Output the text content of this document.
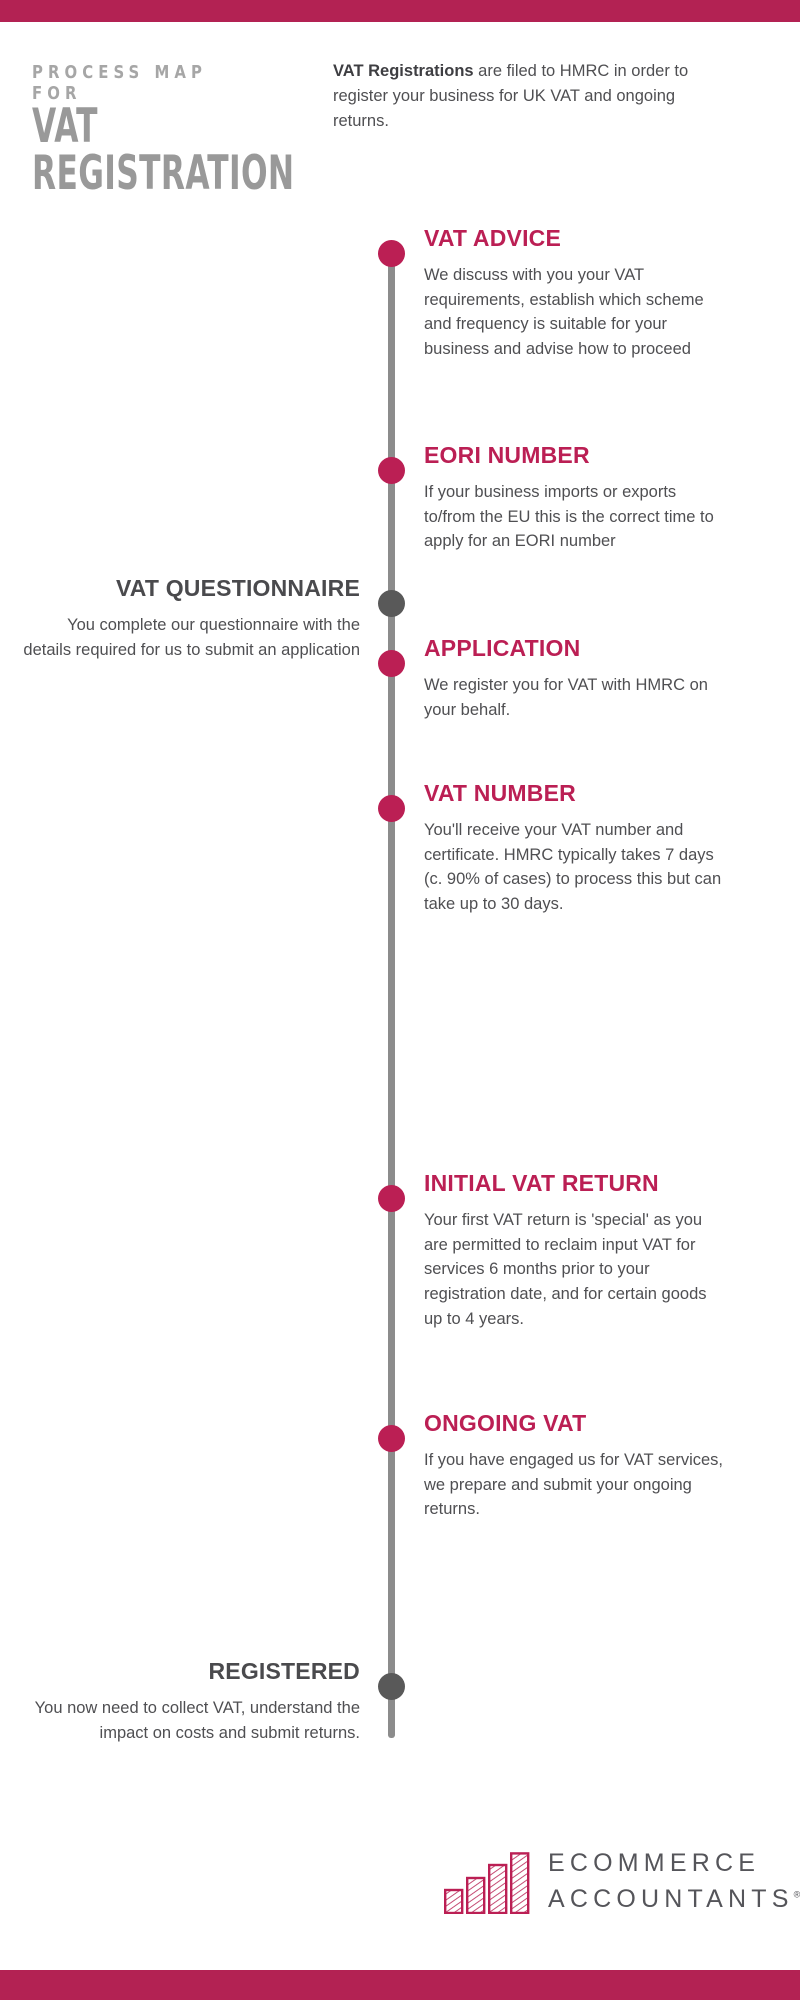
PROCESS MAP FOR
VAT
REGISTRATION
VAT Registrations are filed to HMRC in order to register your business for UK VAT and ongoing returns.
VAT ADVICE
We discuss with you your VAT requirements, establish which scheme and frequency is suitable for your business and advise how to proceed
EORI NUMBER
If your business imports or exports to/from the EU this is the correct time to apply for an EORI number
VAT QUESTIONNAIRE
You complete our questionnaire with the details required for us to submit an application	APPLICATION
We register you for VAT with HMRC on your behalf.
VAT NUMBER
You'll receive your VAT number and certificate. HMRC typically takes 7 days (c. 90% of cases) to process this but can take up to 30 days.
INITIAL VAT RETURN
Your first VAT return is 'special' as you are permitted to reclaim input VAT for services 6 months prior to your registration date, and for certain goods up to 4 years.
ONGOING VAT
If you have engaged us for VAT services, we prepare and submit your ongoing returns.
REGISTERED
You now need to collect VAT, understand the impact on costs and submit returns.
ECOMMERCE
ACCOUNTANTS®
